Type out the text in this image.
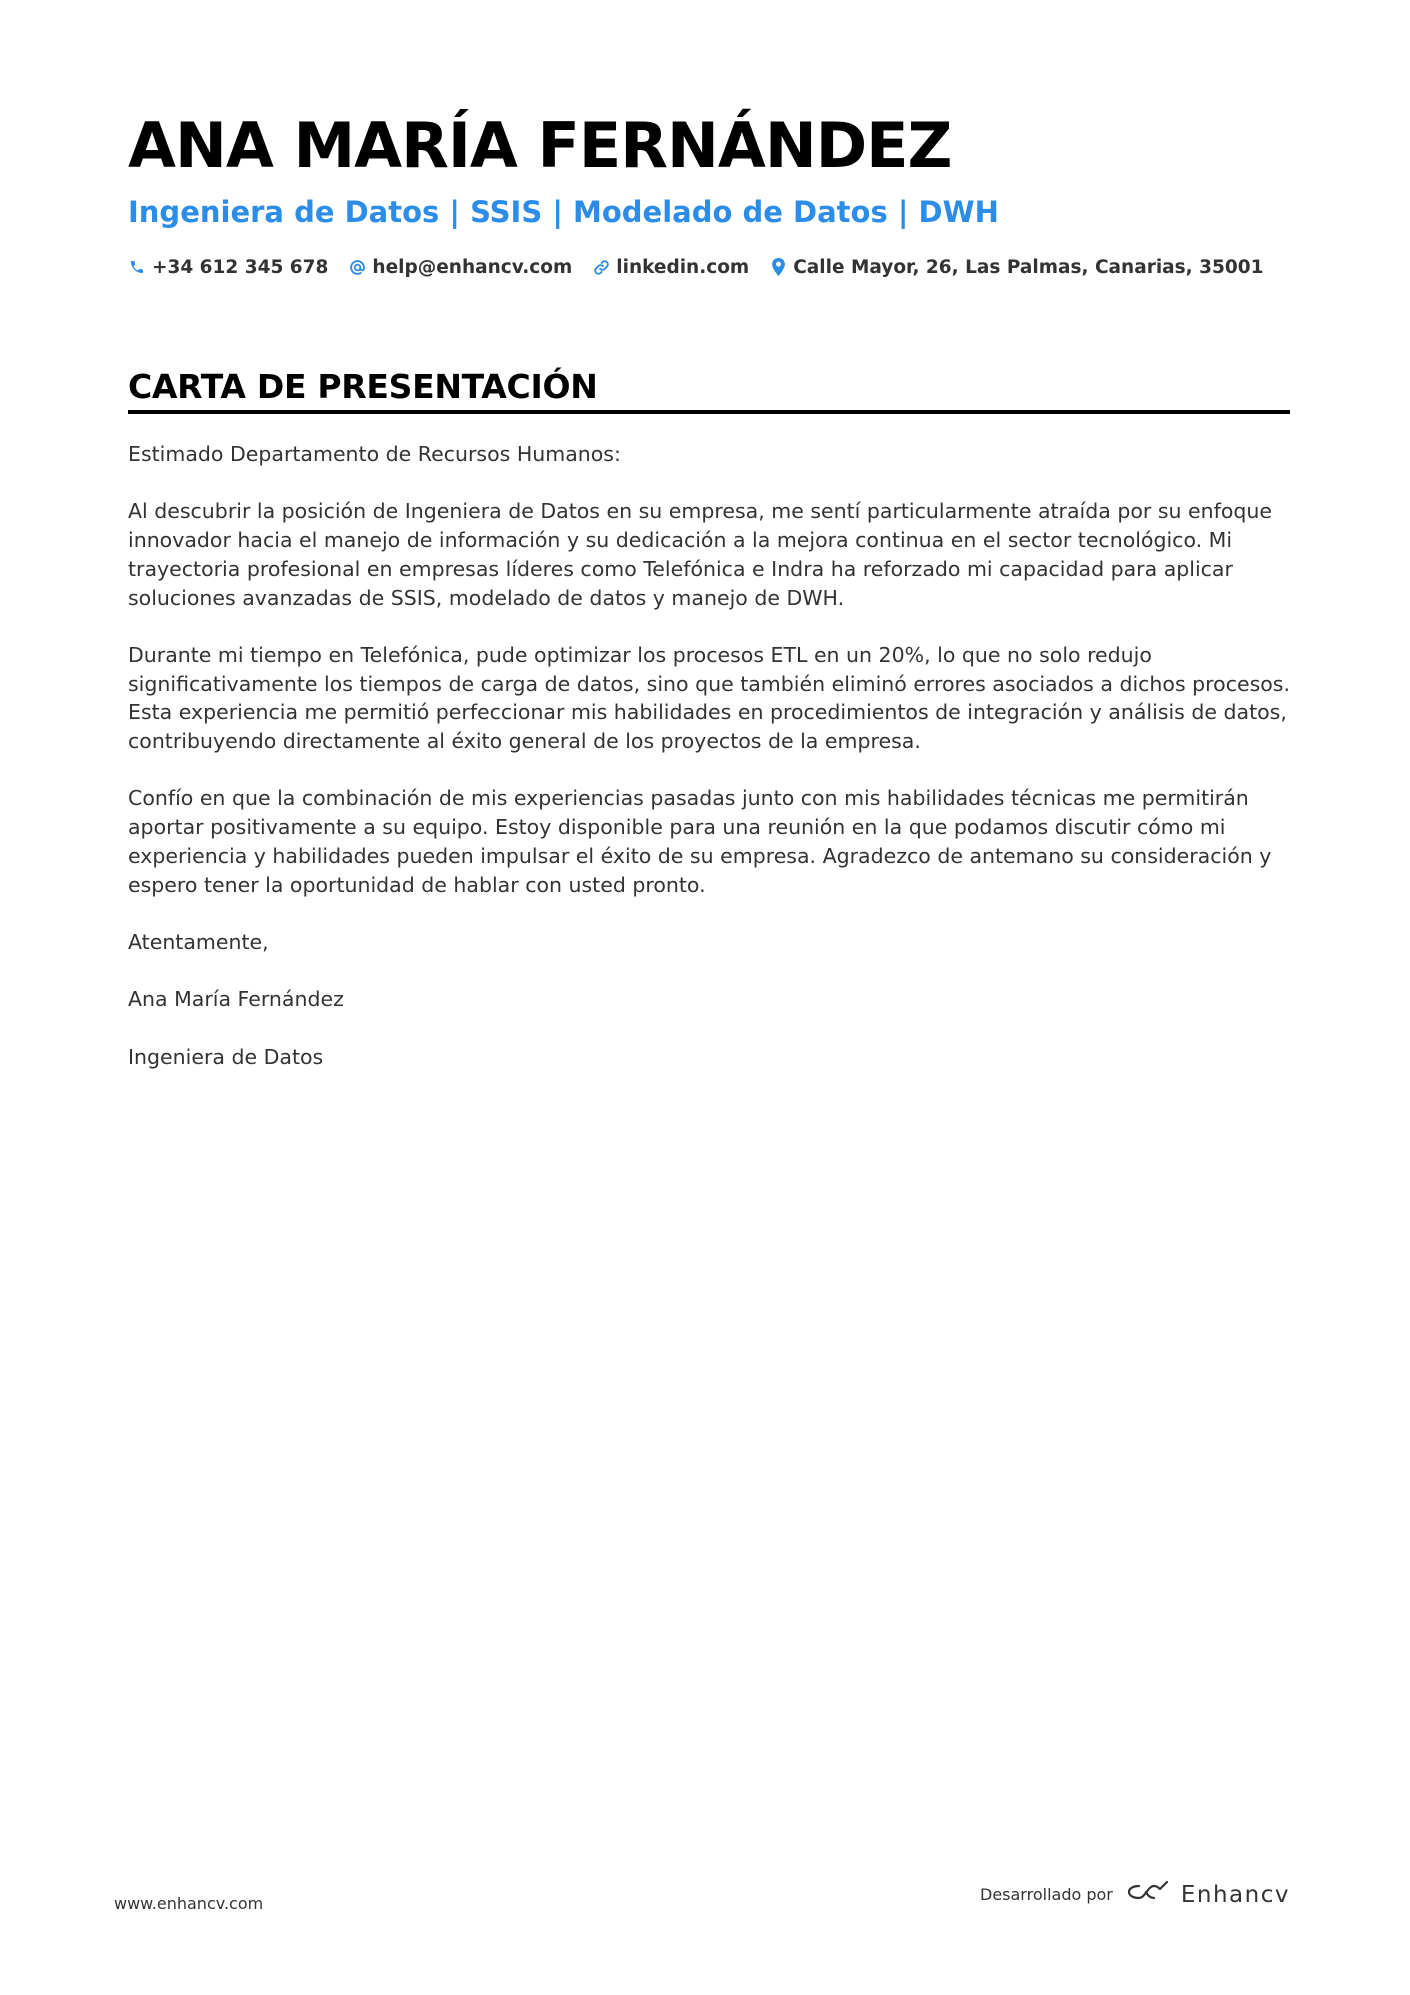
ANA MARÍA FERNÁNDEZ
Ingeniera de Datos | SSIS | Modelado de Datos | DWH
+34 612 345 678 help@enhancv.com linkedin.com Calle Mayor, 26, Las Palmas, Canarias, 35001
CARTA DE PRESENTACIÓN

Estimado Departamento de Recursos Humanos:

Al descubrir la posición de Ingeniera de Datos en su empresa, me sentí particularmente atraída por su enfoque innovador hacia el manejo de información y su dedicación a la mejora continua en el sector tecnológico. Mi trayectoria profesional en empresas líderes como Telefónica e Indra ha reforzado mi capacidad para aplicar soluciones avanzadas de SSIS, modelado de datos y manejo de DWH.

Durante mi tiempo en Telefónica, pude optimizar los procesos ETL en un 20%, lo que no solo redujo significativamente los tiempos de carga de datos, sino que también eliminó errores asociados a dichos procesos. Esta experiencia me permitió perfeccionar mis habilidades en procedimientos de integración y análisis de datos, contribuyendo directamente al éxito general de los proyectos de la empresa.

Confío en que la combinación de mis experiencias pasadas junto con mis habilidades técnicas me permitirán aportar positivamente a su equipo. Estoy disponible para una reunión en la que podamos discutir cómo mi experiencia y habilidades pueden impulsar el éxito de su empresa. Agradezco de antemano su consideración y espero tener la oportunidad de hablar con usted pronto.

Atentamente,

Ana María Fernández

Ingeniera de Datos

www.enhancv.com	Desarrollado por	Enhancv
